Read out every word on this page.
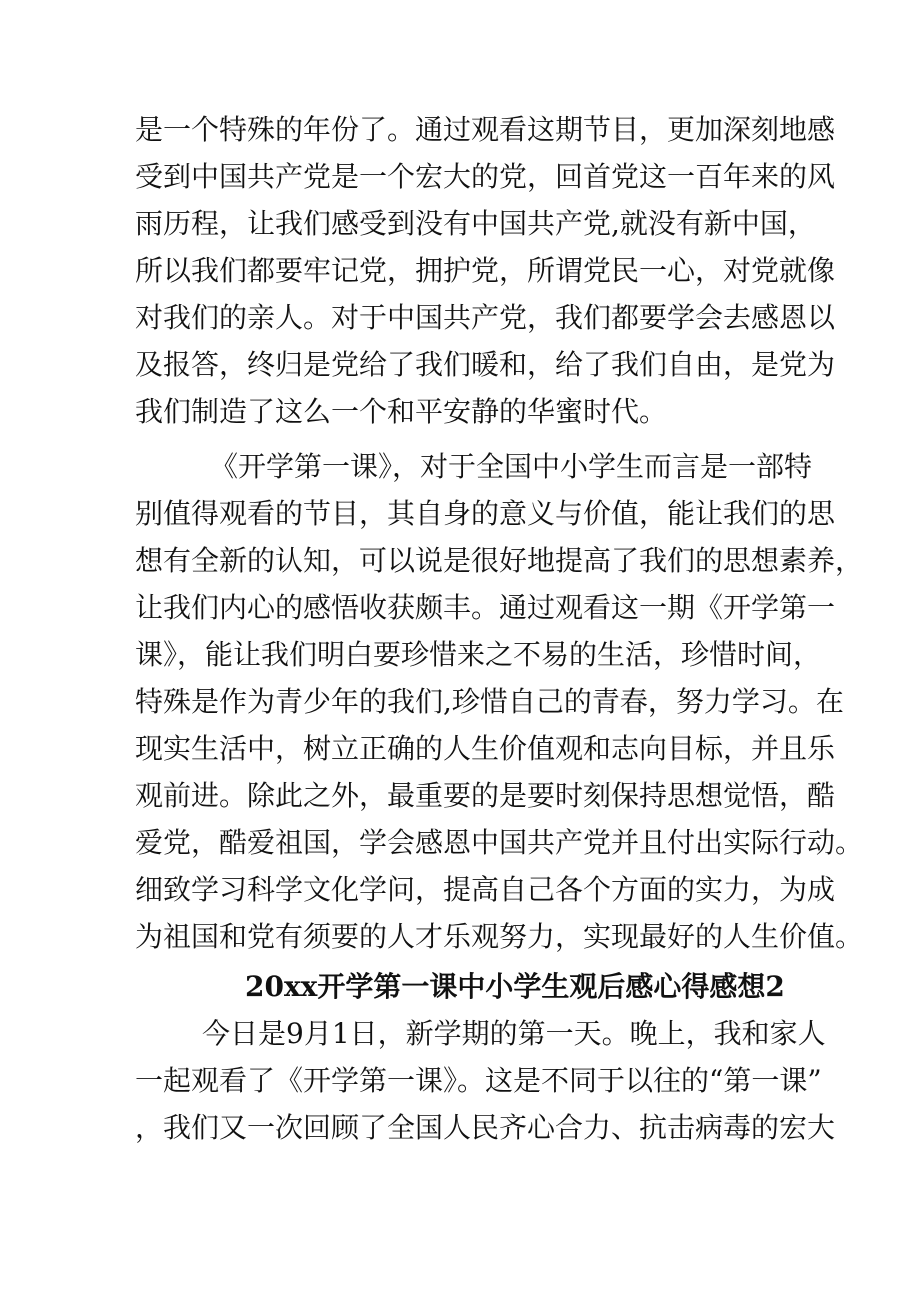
是一个特殊的年份了。通过观看这期节目，更加深刻地感

受到中国共产党是一个宏大的党，回首党这一百年来的风

雨历程，让我们感受到没有中国共产党,就没有新中国，

所以我们都要牢记党，拥护党，所谓党民一心，对党就像

对我们的亲人。对于中国共产党，我们都要学会去感恩以

及报答，终归是党给了我们暖和，给了我们自由，是党为

我们制造了这么一个和平安静的华蜜时代。

《开学第一课》，对于全国中小学生而言是一部特

别值得观看的节目，其自身的意义与价值，能让我们的思

想有全新的认知，可以说是很好地提高了我们的思想素养，

让我们内心的感悟收获颇丰。通过观看这一期《开学第一

课》，能让我们明白要珍惜来之不易的生活，珍惜时间，

特殊是作为青少年的我们,珍惜自己的青春，努力学习。在

现实生活中，树立正确的人生价值观和志向目标，并且乐

观前进。除此之外，最重要的是要时刻保持思想觉悟，酷

爱党，酷爱祖国，学会感恩中国共产党并且付出实际行动。

细致学习科学文化学问，提高自己各个方面的实力，为成

为祖国和党有须要的人才乐观努力，实现最好的人生价值。

20xx开学第一课中小学生观后感心得感想2

今日是9月1日，新学期的第一天。晚上，我和家人

一起观看了《开学第一课》。这是不同于以往的“第一课”

，我们又一次回顾了全国人民齐心合力、抗击病毒的宏大
